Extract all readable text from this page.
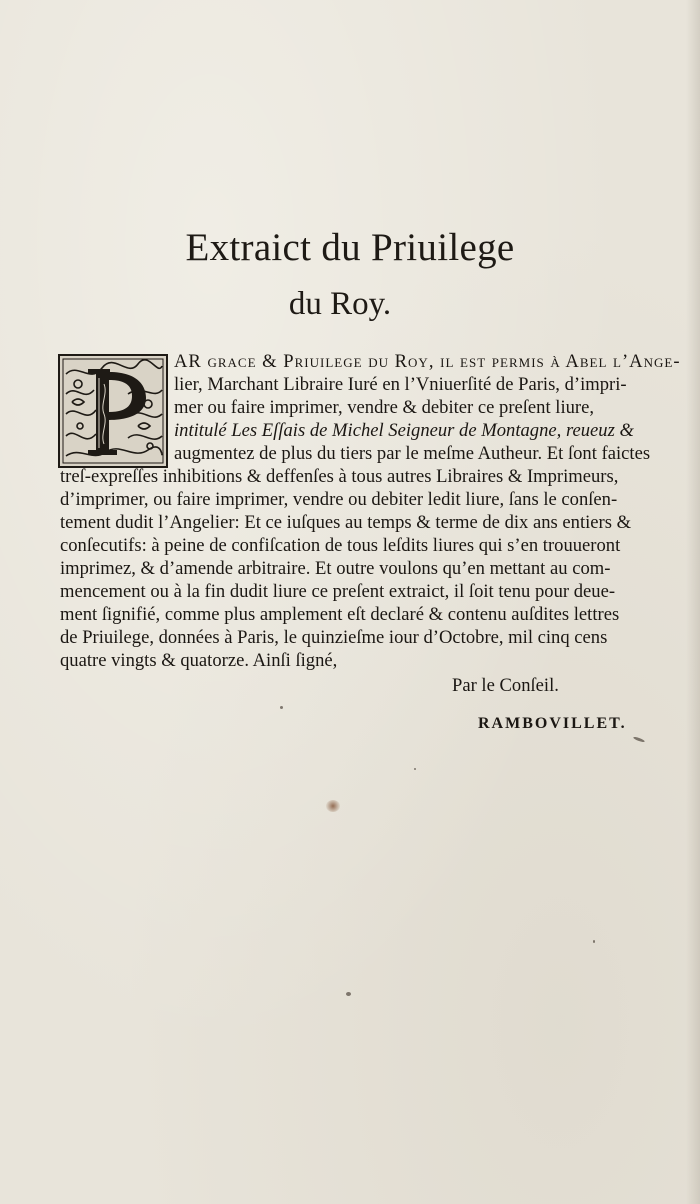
Extraict du Priuilege
du Roy.
AR grace & Priuilege du Roy, il eſt permis à Abel l’Ange-
lier, Marchant Libraire Iuré en l’Vniuerſité de Paris, d’impri-
mer ou faire imprimer, vendre & debiter ce preſent liure,
intitulé Les Eſſais de Michel Seigneur de Montagne, reueuz &
augmentez de plus du tiers par le meſme Autheur. Et ſont faictes
treſ-expreſſes inhibitions & deffenſes à tous autres Libraires & Imprimeurs,
d’imprimer, ou faire imprimer, vendre ou debiter ledit liure, ſans le conſen-
tement dudit l’Angelier: Et ce iuſques au temps & terme de dix ans entiers &
conſecutifs: à peine de confiſcation de tous leſdits liures qui s’en trouueront
imprimez, & d’amende arbitraire. Et outre voulons qu’en mettant au com-
mencement ou à la fin dudit liure ce preſent extraict, il ſoit tenu pour deue-
ment ſignifié, comme plus amplement eſt declaré & contenu auſdites lettres
de Priuilege, données à Paris, le quinzieſme iour d’Octobre, mil cinq cens
quatre vingts & quatorze. Ainſi ſigné,
Par le Conſeil.
RAMBOVILLET.
